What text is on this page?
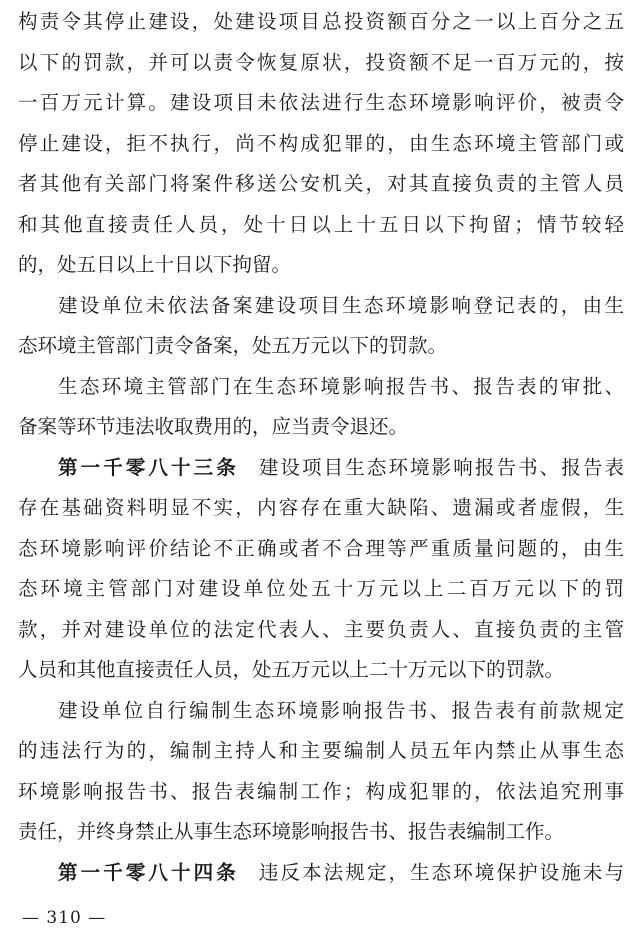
构责令其停止建设，处建设项目总投资额百分之一以上百分之五
以下的罚款，并可以责令恢复原状，投资额不足一百万元的，按
一百万元计算。建设项目未依法进行生态环境影响评价，被责令
停止建设，拒不执行，尚不构成犯罪的，由生态环境主管部门或
者其他有关部门将案件移送公安机关，对其直接负责的主管人员
和其他直接责任人员，处十日以上十五日以下拘留；情节较轻
的，处五日以上十日以下拘留。
建设单位未依法备案建设项目生态环境影响登记表的，由生
态环境主管部门责令备案，处五万元以下的罚款。
生态环境主管部门在生态环境影响报告书、报告表的审批、
备案等环节违法收取费用的，应当责令退还。
第一千零八十三条 建设项目生态环境影响报告书、报告表
存在基础资料明显不实，内容存在重大缺陷、遗漏或者虚假，生
态环境影响评价结论不正确或者不合理等严重质量问题的，由生
态环境主管部门对建设单位处五十万元以上二百万元以下的罚
款，并对建设单位的法定代表人、主要负责人、直接负责的主管
人员和其他直接责任人员，处五万元以上二十万元以下的罚款。
建设单位自行编制生态环境影响报告书、报告表有前款规定
的违法行为的，编制主持人和主要编制人员五年内禁止从事生态
环境影响报告书、报告表编制工作；构成犯罪的，依法追究刑事
责任，并终身禁止从事生态环境影响报告书、报告表编制工作。
第一千零八十四条 违反本法规定，生态环境保护设施未与
— 310 —
